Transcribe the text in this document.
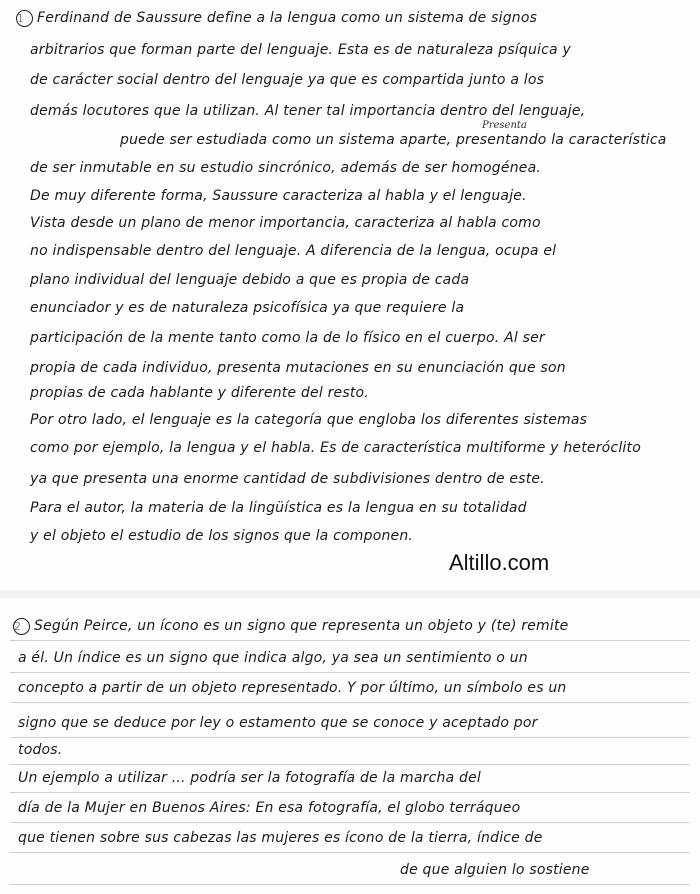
1 Ferdinand de Saussure define a la lengua como un sistema de signos
arbitrarios que forman parte del lenguaje. Esta es de naturaleza psíquica y
de carácter social dentro del lenguaje ya que es compartida junto a los
demás locutores que la utilizan. Al tener tal importancia dentro del lenguaje,
puede ser estudiada como un sistema aparte, presentando la característica
de ser inmutable en su estudio sincrónico, además de ser homogénea.
De muy diferente forma, Saussure caracteriza al habla y el lenguaje.
Vista desde un plano de menor importancia, caracteriza al habla como
no indispensable dentro del lenguaje. A diferencia de la lengua, ocupa el
plano individual del lenguaje debido a que es propia de cada
enunciador y es de naturaleza psicofísica ya que requiere la
participación de la mente tanto como la de lo físico en el cuerpo. Al ser
propia de cada individuo, presenta mutaciones en su enunciación que son
propias de cada hablante y diferente del resto.
Por otro lado, el lenguaje es la categoría que engloba los diferentes sistemas
como por ejemplo, la lengua y el habla. Es de característica multiforme y heteróclito
ya que presenta una enorme cantidad de subdivisiones dentro de este.
Para el autor, la materia de la lingüística es la lengua en su totalidad
y el objeto el estudio de los signos que la componen.
2 Según Peirce, un ícono es un signo que representa un objeto y (te) remite
a él. Un índice es un signo que indica algo, ya sea un sentimiento o un
concepto a partir de un objeto representado. Y por último, un símbolo es un
signo que se deduce por ley o estamento que se conoce y aceptado por
todos.
Un ejemplo a utilizar ... podría ser la fotografía de la marcha del
día de la Mujer en Buenos Aires: En esa fotografía, el globo terráqueo
que tienen sobre sus cabezas las mujeres es ícono de la tierra, índice de
de que alguien lo sostiene
Presenta
Altillo.com
